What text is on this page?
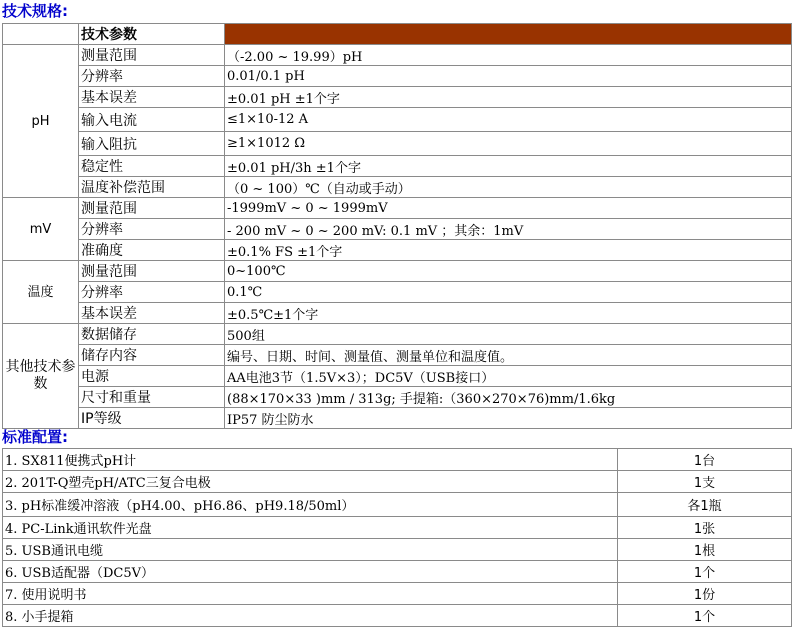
技术规格:
	技术参数	
pH	测量范围	（-2.00 ~ 19.99）pH
	分辨率	0.01/0.1 pH
	基本误差	±0.01 pH ±1个字
	输入电流	≤1×10-12 A
	输入阻抗	≥1×1012 Ω
	稳定性	±0.01 pH/3h ±1个字
	温度补偿范围	（0 ~ 100）℃（自动或手动）
mV	测量范围	-1999mV ~ 0 ~ 1999mV
	分辨率	- 200 mV ~ 0 ~ 200 mV: 0.1 mV ；其余：1mV
	准确度	±0.1% FS ±1个字
温度	测量范围	0~100℃
	分辨率	0.1℃
	基本误差	±0.5℃±1个字
其他技术参数	数据储存	500组
	储存内容	编号、日期、时间、测量值、测量单位和温度值。
	电源	AA电池3节（1.5V×3）；DC5V（USB接口）
	尺寸和重量	(88×170×33 )mm / 313g; 手提箱:（360×270×76)mm/1.6kg
	IP等级	IP57 防尘防水
标准配置:
1. SX811便携式pH计	1台
2. 201T-Q塑壳pH/ATC三复合电极	1支
3. pH标准缓冲溶液（pH4.00、pH6.86、pH9.18/50ml）	各1瓶
4. PC-Link通讯软件光盘	1张
5. USB通讯电缆	1根
6. USB适配器（DC5V）	1个
7. 使用说明书	1份
8. 小手提箱	1个
